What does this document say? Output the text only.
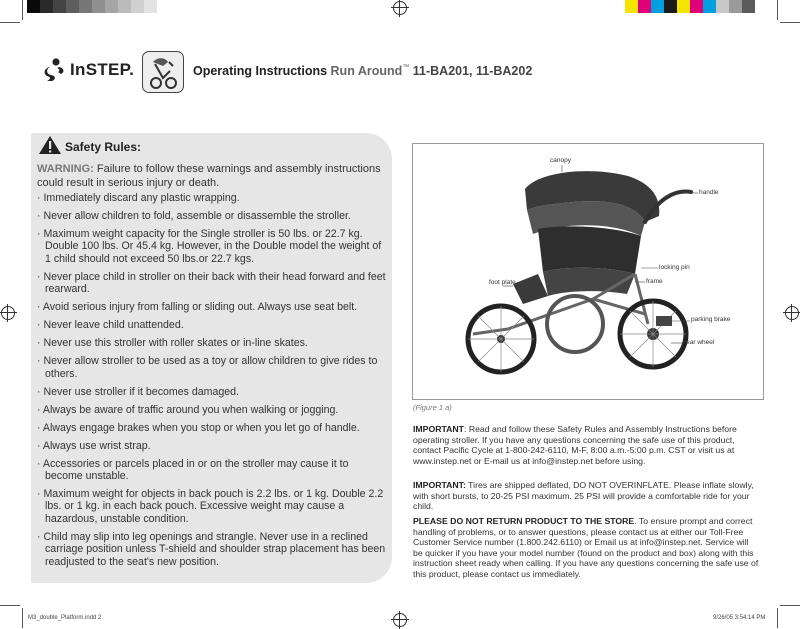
InSTEP.	Operating Instructions Run Around™ 11-BA201, 11-BA202
Safety Rules:
WARNING: Failure to follow these warnings and assembly instructions could result in serious injury or death.
· Immediately discard any plastic wrapping.
· Never allow children to fold, assemble or disassemble the stroller.
· Maximum weight capacity for the Single stroller is 50 lbs. or 22.7 kg. Double 100 lbs. Or 45.4 kg. However, in the Double model the weight of 1 child should not exceed 50 lbs.or 22.7 kgs.
· Never place child in stroller on their back with their head forward and feet rearward.
· Avoid serious injury from falling or sliding out. Always use seat belt.
· Never leave child unattended.
· Never use this stroller with roller skates or in-line skates.
· Never allow stroller to be used as a toy or allow children to give rides to others.
· Never use stroller if it becomes damaged.
· Always be aware of traffic around you when walking or jogging.
· Always engage brakes when you stop or when you let go of handle.
· Always use wrist strap.
· Accessories or parcels placed in or on the stroller may cause it to become unstable.
· Maximum weight for objects in back pouch is 2.2 lbs. or 1 kg. Double 2.2 lbs. or 1 kg. in each back pouch. Excessive weight may cause a hazardous, unstable condition.
· Child may slip into leg openings and strangle. Never use in a reclined carriage position unless T-shield and shoulder strap placement has been readjusted to the seat's new position.
canopy
handle
locking pin
frame
foot plate
parking brake
rear wheel
(Figure 1 a)
IMPORTANT: Read and follow these Safety Rules and Assembly Instructions before operating stroller. If you have any questions concerning the safe use of this product, contact Pacific Cycle at 1-800-242-6110, M-F, 8:00 a.m.-5:00 p.m. CST or visit us at www.instep.net or E-mail us at info@instep.net before using.
IMPORTANT: Tires are shipped deflated, DO NOT OVERINFLATE. Please inflate slowly, with short bursts, to 20-25 PSI maximum. 25 PSI will provide a comfortable ride for your child.
PLEASE DO NOT RETURN PRODUCT TO THE STORE. To ensure prompt and correct handling of problems, or to answer questions, please contact us at either our Toll-Free Customer Service number (1.800.242.6110) or Email us at info@instep.net. Service will be quicker if you have your model number (found on the product and box) along with this instruction sheet ready when calling. If you have any questions concerning the safe use of this product, please contact us immediately.
M3_double_Platform.indd 2	9/26/05 3:54:14 PM
